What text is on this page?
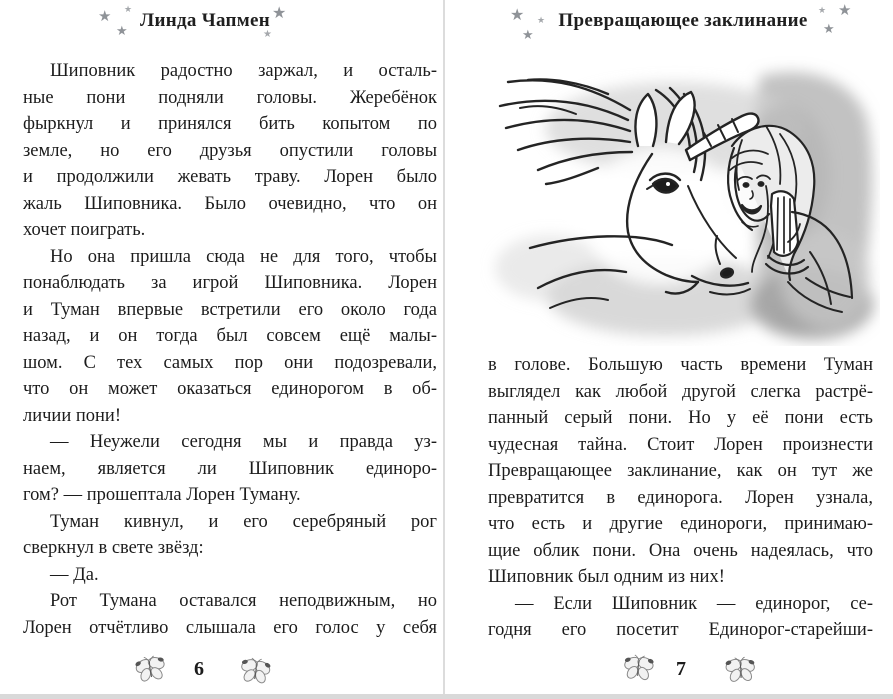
Линда Чапмен
★ ★
★
★
★
Превращающее заклинание
★ ★
★
★ ★
★
Шиповник радостно заржал, и осталь-
ные пони подняли головы. Жеребёнок
фыркнул и принялся бить копытом по
земле, но его друзья опустили головы
и продолжили жевать траву. Лорен было
жаль Шиповника. Было очевидно, что он
хочет поиграть.
Но она пришла сюда не для того, чтобы
понаблюдать за игрой Шиповника. Лорен
и Туман впервые встретили его около года
назад, и он тогда был совсем ещё малы-
шом. С тех самых пор они подозревали,
что он может оказаться единорогом в об-
личии пони!
— Неужели сегодня мы и правда уз-
наем, является ли Шиповник единоро-
гом? — прошептала Лорен Туману.
Туман кивнул, и его серебряный рог
сверкнул в свете звёзд:
— Да.
Рот Тумана оставался неподвижным, но
Лорен отчётливо слышала его голос у себя
в голове. Большую часть времени Туман
выглядел как любой другой слегка растрё-
панный серый пони. Но у её пони есть
чудесная тайна. Стоит Лорен произнести
Превращающее заклинание, как он тут же
превратится в единорога. Лорен узнала,
что есть и другие единороги, принимаю-
щие облик пони. Она очень надеялась, что
Шиповник был одним из них!
— Если Шиповник — единорог, се-
годня его посетит Единорог-старейши-
6	7
